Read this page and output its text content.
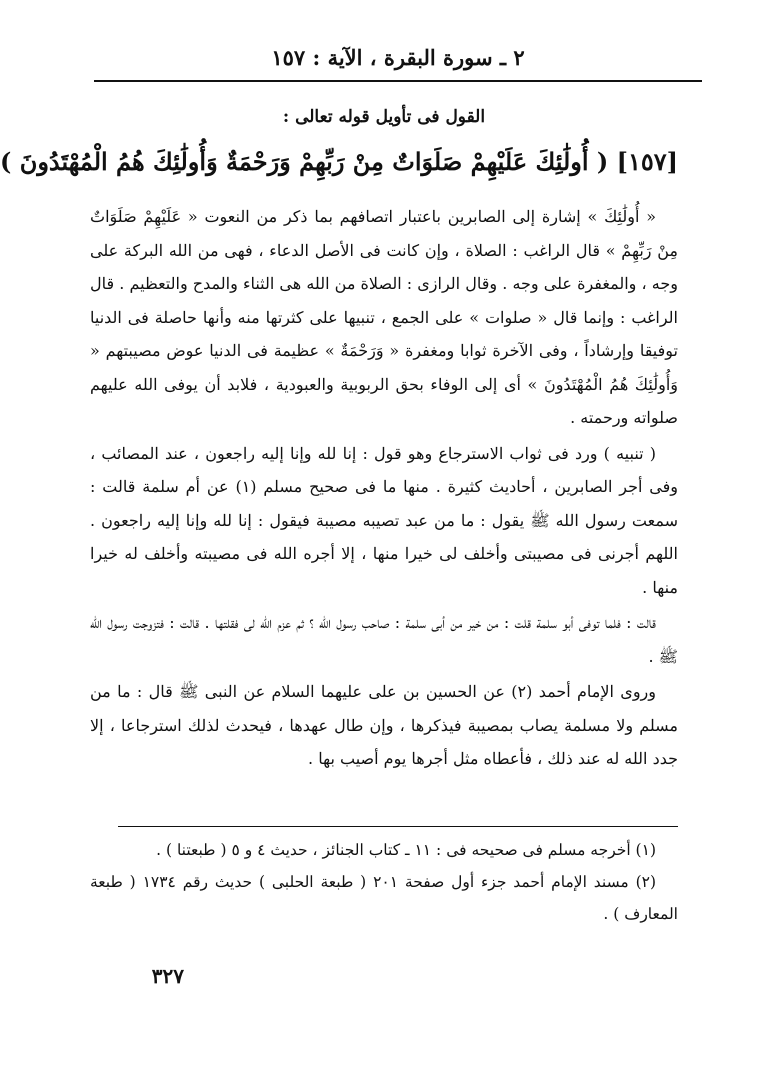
٢ ـ سورة البقرة ، الآية : ١٥٧
القول فى تأويل قوله تعالى :
[١٥٧] ( أُولَٰئِكَ عَلَيْهِمْ صَلَوَاتٌ مِنْ رَبِّهِمْ وَرَحْمَةٌ وَأُولَٰئِكَ هُمُ الْمُهْتَدُونَ )

« أُولَٰئِكَ » إشارة إلى الصابرين باعتبار اتصافهم بما ذكر من النعوت « عَلَيْهِمْ صَلَوَاتٌ مِنْ رَبِّهِمْ » قال الراغب : الصلاة ، وإن كانت فى الأصل الدعاء ، فهى من الله البركة على وجه ، والمغفرة على وجه . وقال الرازى : الصلاة من الله هى الثناء والمدح والتعظيم . قال الراغب : وإنما قال « صلوات » على الجمع ، تنبيها على كثرتها منه وأنها حاصلة فى الدنيا توفيقا وإرشاداً ، وفى الآخرة ثوابا ومغفرة « وَرَحْمَةٌ » عظيمة فى الدنيا عوض مصيبتهم « وَأُولَٰئِكَ هُمُ الْمُهْتَدُونَ » أى إلى الوفاء بحق الربوبية والعبودية ، فلابد أن يوفى الله عليهم صلواته ورحمته .

( تنبيه ) ورد فى ثواب الاسترجاع وهو قول : إنا لله وإنا إليه راجعون ، عند المصائب ، وفى أجر الصابرين ، أحاديث كثيرة . منها ما فى صحيح مسلم (١) عن أم سلمة قالت : سمعت رسول الله ﷺ يقول : ما من عبد تصيبه مصيبة فيقول : إنا لله وإنا إليه راجعون . اللهم أجرنى فى مصيبتى وأخلف لى خيرا منها ، إلا أجره الله فى مصيبته وأخلف له خيرا منها .

قالت : فلما توفى أبو سلمة قلت : من خير من أبى سلمة : صاحب رسول الله ؟ ثم عزم الله لى فقلتها . قالت : فتزوجت رسول الله ﷺ .

وروى الإمام أحمد (٢) عن الحسين بن على عليهما السلام عن النبى ﷺ قال : ما من مسلم ولا مسلمة يصاب بمصيبة فيذكرها ، وإن طال عهدها ، فيحدث لذلك استرجاعا ، إلا جدد الله له عند ذلك ، فأعطاه مثل أجرها يوم أصيب بها .

(١) أخرجه مسلم فى صحيحه فى : ١١ ـ كتاب الجنائز ، حديث ٤ و ٥ ( طبعتنا ) .

(٢) مسند الإمام أحمد جزء أول صفحة ٢٠١ ( طبعة الحلبى ) حديث رقم ١٧٣٤ ( طبعة المعارف ) .

٣٢٧
